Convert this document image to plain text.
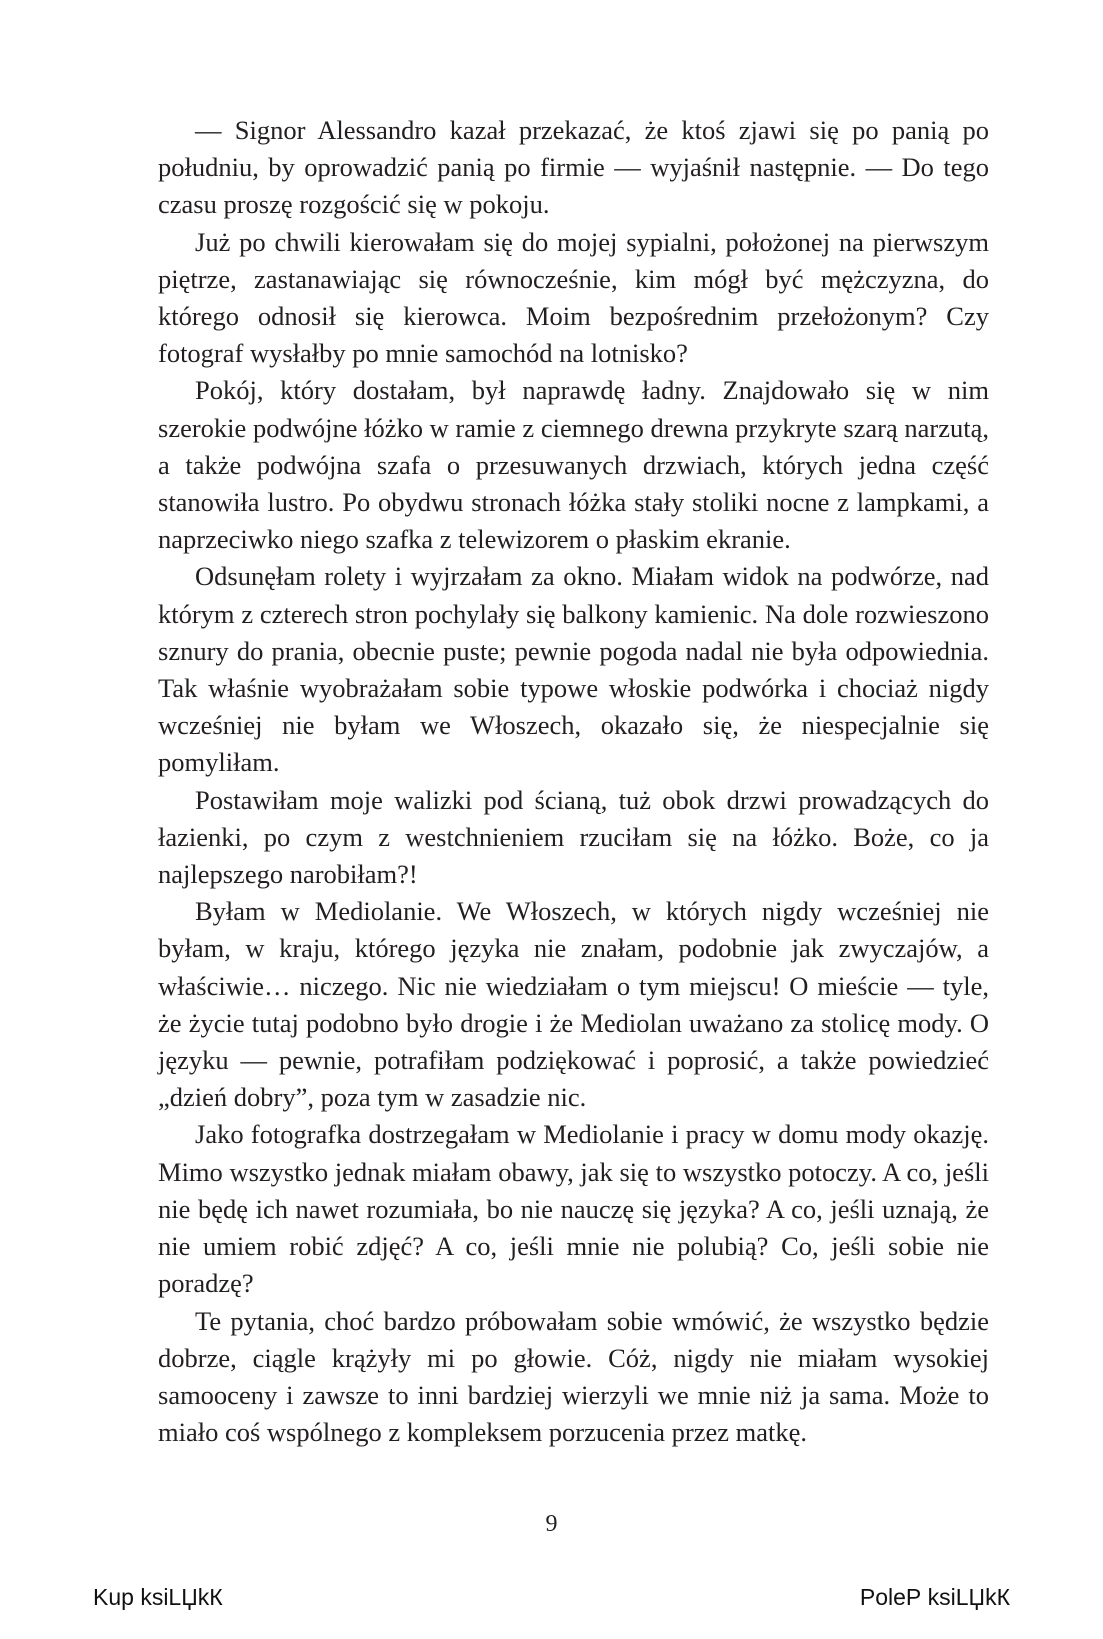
— Signor Alessandro kazał przekazać, że ktoś zjawi się po panią po południu, by oprowadzić panią po firmie — wyjaśnił następnie. — Do tego czasu proszę rozgościć się w pokoju.

Już po chwili kierowałam się do mojej sypialni, położonej na pierwszym piętrze, zastanawiając się równocześnie, kim mógł być mężczyzna, do którego odnosił się kierowca. Moim bezpośrednim przełożonym? Czy fotograf wysłałby po mnie samochód na lotnisko?

Pokój, który dostałam, był naprawdę ładny. Znajdowało się w nim szerokie podwójne łóżko w ramie z ciemnego drewna przykryte szarą narzutą, a także podwójna szafa o przesuwanych drzwiach, których jedna część stanowiła lustro. Po obydwu stronach łóżka stały stoliki nocne z lampkami, a naprzeciwko niego szafka z telewizorem o płaskim ekranie.

Odsunęłam rolety i wyjrzałam za okno. Miałam widok na podwórze, nad którym z czterech stron pochylały się balkony kamienic. Na dole rozwieszono sznury do prania, obecnie puste; pewnie pogoda nadal nie była odpowiednia. Tak właśnie wyobrażałam sobie typowe włoskie podwórka i chociaż nigdy wcześniej nie byłam we Włoszech, okazało się, że niespecjalnie się pomyliłam.

Postawiłam moje walizki pod ścianą, tuż obok drzwi prowadzących do łazienki, po czym z westchnieniem rzuciłam się na łóżko. Boże, co ja najlepszego narobiłam?!

Byłam w Mediolanie. We Włoszech, w których nigdy wcześniej nie byłam, w kraju, którego języka nie znałam, podobnie jak zwyczajów, a właściwie… niczego. Nic nie wiedziałam o tym miejscu! O mieście — tyle, że życie tutaj podobno było drogie i że Mediolan uważano za stolicę mody. O języku — pewnie, potrafiłam podziękować i poprosić, a także powiedzieć „dzień dobry”, poza tym w zasadzie nic.

Jako fotografka dostrzegałam w Mediolanie i pracy w domu mody okazję. Mimo wszystko jednak miałam obawy, jak się to wszystko potoczy. A co, jeśli nie będę ich nawet rozumiała, bo nie nauczę się języka? A co, jeśli uznają, że nie umiem robić zdjęć? A co, jeśli mnie nie polubią? Co, jeśli sobie nie poradzę?

Te pytania, choć bardzo próbowałam sobie wmówić, że wszystko będzie dobrze, ciągle krążyły mi po głowie. Cóż, nigdy nie miałam wysokiej samooceny i zawsze to inni bardziej wierzyli we mnie niż ja sama. Może to miało coś wspólnego z kompleksem porzucenia przez matkę.

9
Kup ksiLЏkК	PoleР ksiLЏkК
